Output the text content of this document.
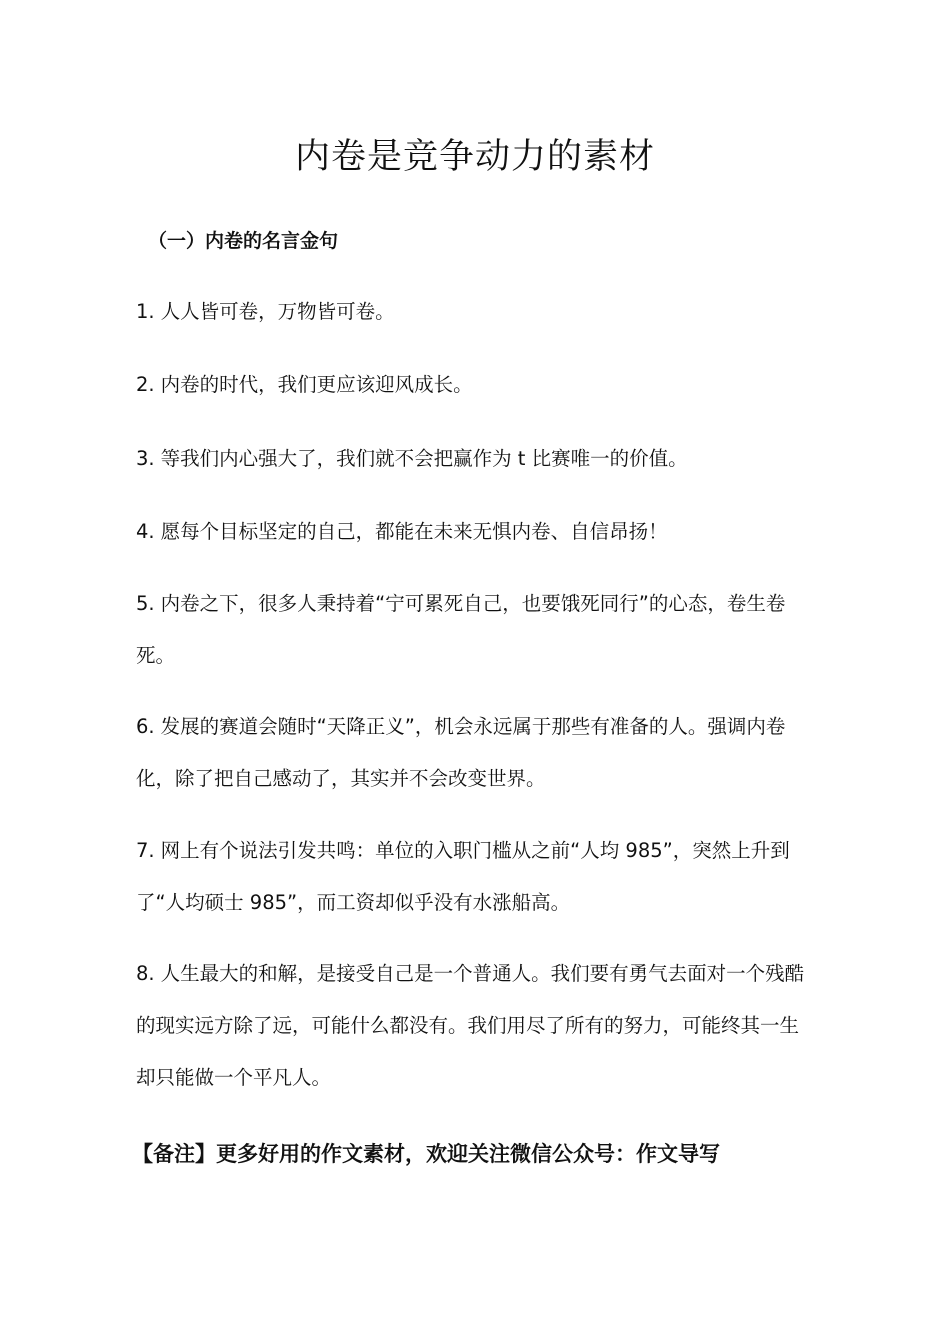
内卷是竞争动力的素材
（一）内卷的名言金句
1. 人人皆可卷，万物皆可卷。
2. 内卷的时代，我们更应该迎风成长。
3. 等我们内心强大了，我们就不会把赢作为 t 比赛唯一的价值。
4. 愿每个目标坚定的自己，都能在未来无惧内卷、自信昂扬！
5. 内卷之下，很多人秉持着“宁可累死自己，也要饿死同行”的心态，卷生卷死。
6. 发展的赛道会随时“天降正义”，机会永远属于那些有准备的人。强调内卷化，除了把自己感动了，其实并不会改变世界。
7. 网上有个说法引发共鸣：单位的入职门槛从之前“人均 985”，突然上升到了“人均硕士 985”，而工资却似乎没有水涨船高。
8. 人生最大的和解，是接受自己是一个普通人。我们要有勇气去面对一个残酷的现实远方除了远，可能什么都没有。我们用尽了所有的努力，可能终其一生却只能做一个平凡人。

【备注】更多好用的作文素材，欢迎关注微信公众号：作文导写
